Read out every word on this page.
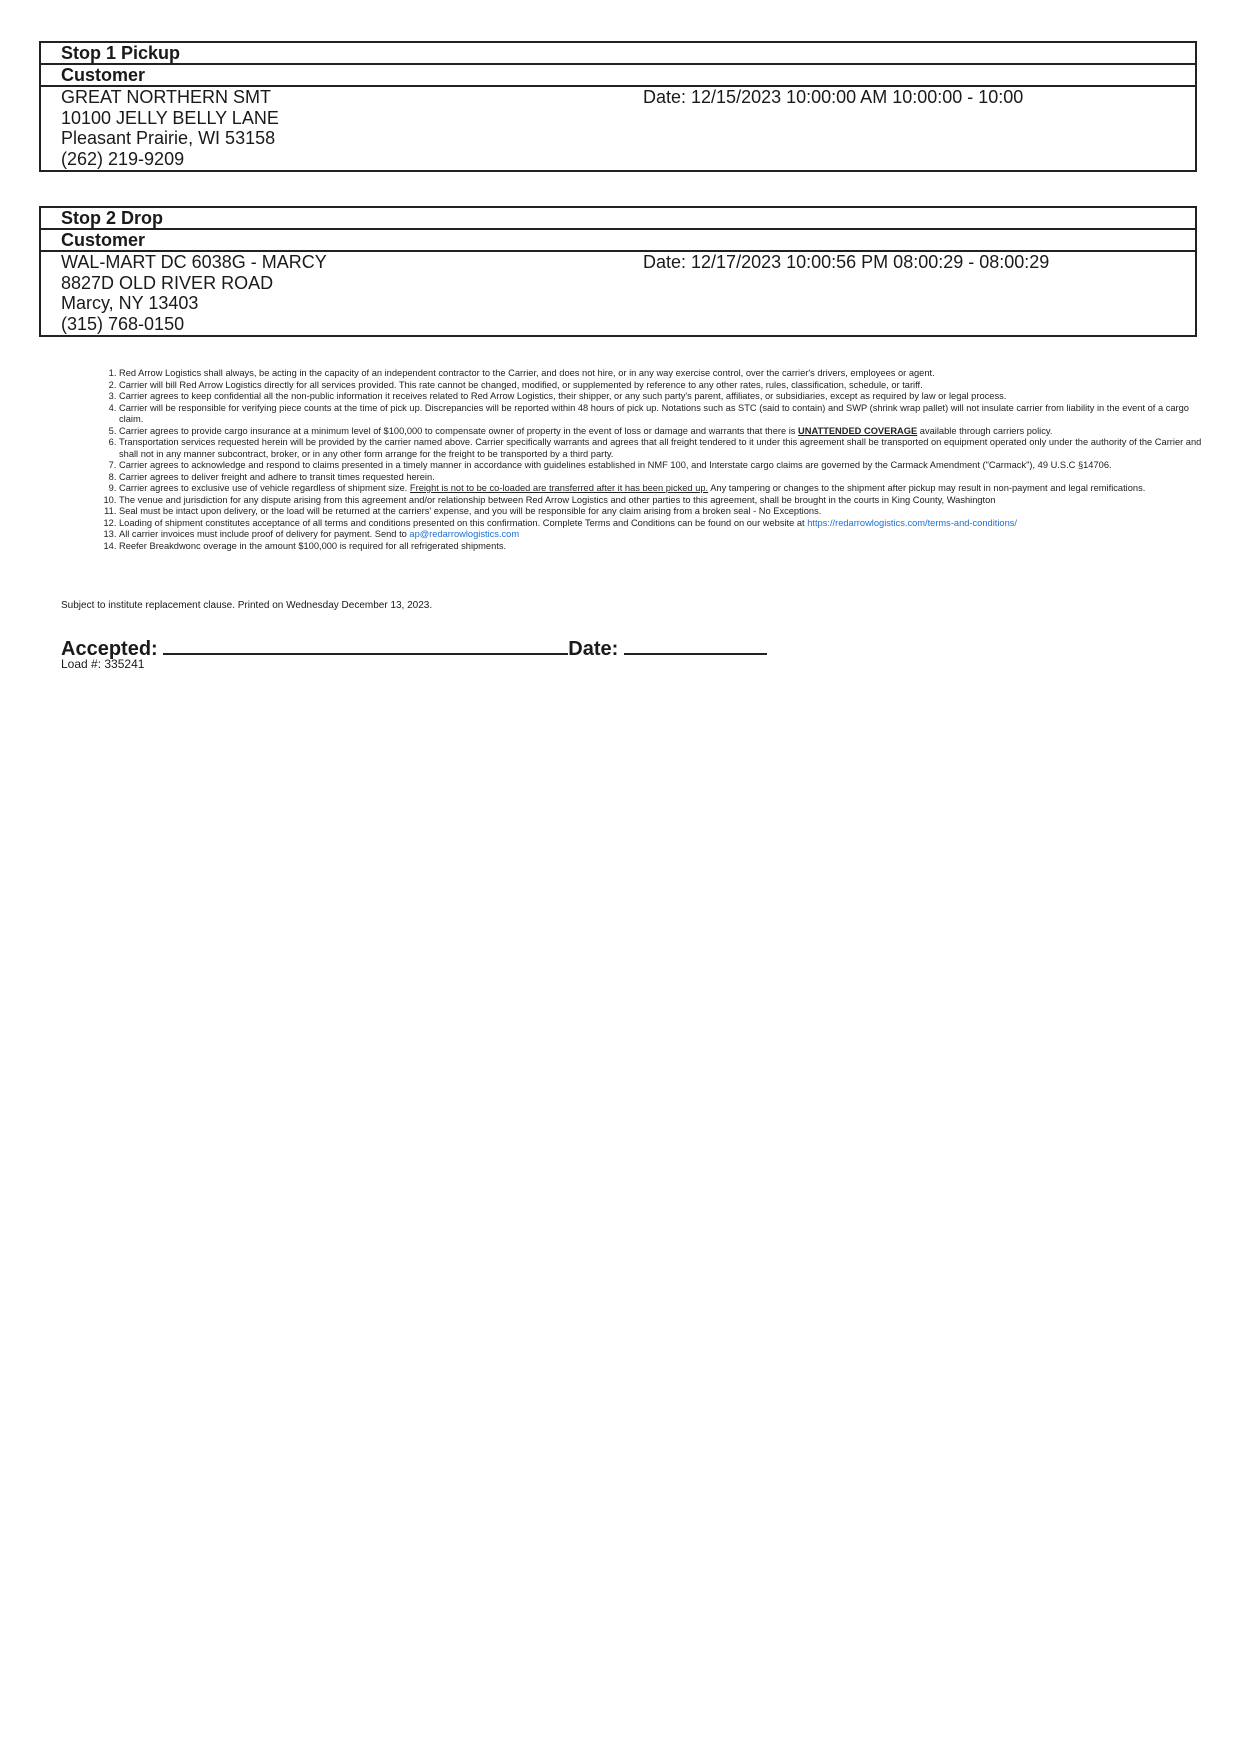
Stop 1 Pickup
Customer
GREAT NORTHERN SMT
10100 JELLY BELLY LANE
Pleasant Prairie, WI 53158
(262) 219-9209
Date: 12/15/2023 10:00:00 AM 10:00:00 - 10:00
Stop 2 Drop
Customer
WAL-MART DC 6038G - MARCY
8827D OLD RIVER ROAD
Marcy, NY 13403
(315) 768-0150
Date: 12/17/2023 10:00:56 PM 08:00:29 - 08:00:29
1. Red Arrow Logistics shall always, be acting in the capacity of an independent contractor to the Carrier, and does not hire, or in any way exercise control, over the carrier's drivers, employees or agent.
2. Carrier will bill Red Arrow Logistics directly for all services provided. This rate cannot be changed, modified, or supplemented by reference to any other rates, rules, classification, schedule, or tariff.
3. Carrier agrees to keep confidential all the non-public information it receives related to Red Arrow Logistics, their shipper, or any such party's parent, affiliates, or subsidiaries, except as required by law or legal process.
4. Carrier will be responsible for verifying piece counts at the time of pick up. Discrepancies will be reported within 48 hours of pick up. Notations such as STC (said to contain) and SWP (shrink wrap pallet) will not insulate carrier from liability in the event of a cargo claim.
5. Carrier agrees to provide cargo insurance at a minimum level of $100,000 to compensate owner of property in the event of loss or damage and warrants that there is UNATTENDED COVERAGE available through carriers policy.
6. Transportation services requested herein will be provided by the carrier named above. Carrier specifically warrants and agrees that all freight tendered to it under this agreement shall be transported on equipment operated only under the authority of the Carrier and shall not in any manner subcontract, broker, or in any other form arrange for the freight to be transported by a third party.
7. Carrier agrees to acknowledge and respond to claims presented in a timely manner in accordance with guidelines established in NMF 100, and Interstate cargo claims are governed by the Carmack Amendment ("Carmack"), 49 U.S.C §14706.
8. Carrier agrees to deliver freight and adhere to transit times requested herein.
9. Carrier agrees to exclusive use of vehicle regardless of shipment size. Freight is not to be co-loaded are transferred after it has been picked up. Any tampering or changes to the shipment after pickup may result in non-payment and legal remifications.
10. The venue and jurisdiction for any dispute arising from this agreement and/or relationship between Red Arrow Logistics and other parties to this agreement, shall be brought in the courts in King County, Washington
11. Seal must be intact upon delivery, or the load will be returned at the carriers' expense, and you will be responsible for any claim arising from a broken seal - No Exceptions.
12. Loading of shipment constitutes acceptance of all terms and conditions presented on this confirmation. Complete Terms and Conditions can be found on our website at https://redarrowlogistics.com/terms-and-conditions/
13. All carrier invoices must include proof of delivery for payment. Send to ap@redarrowlogistics.com
14. Reefer Breakdwonc overage in the amount $100,000 is required for all refrigerated shipments.
Subject to institute replacement clause. Printed on Wednesday December 13, 2023.
Accepted:	Date:
Load #: 335241
